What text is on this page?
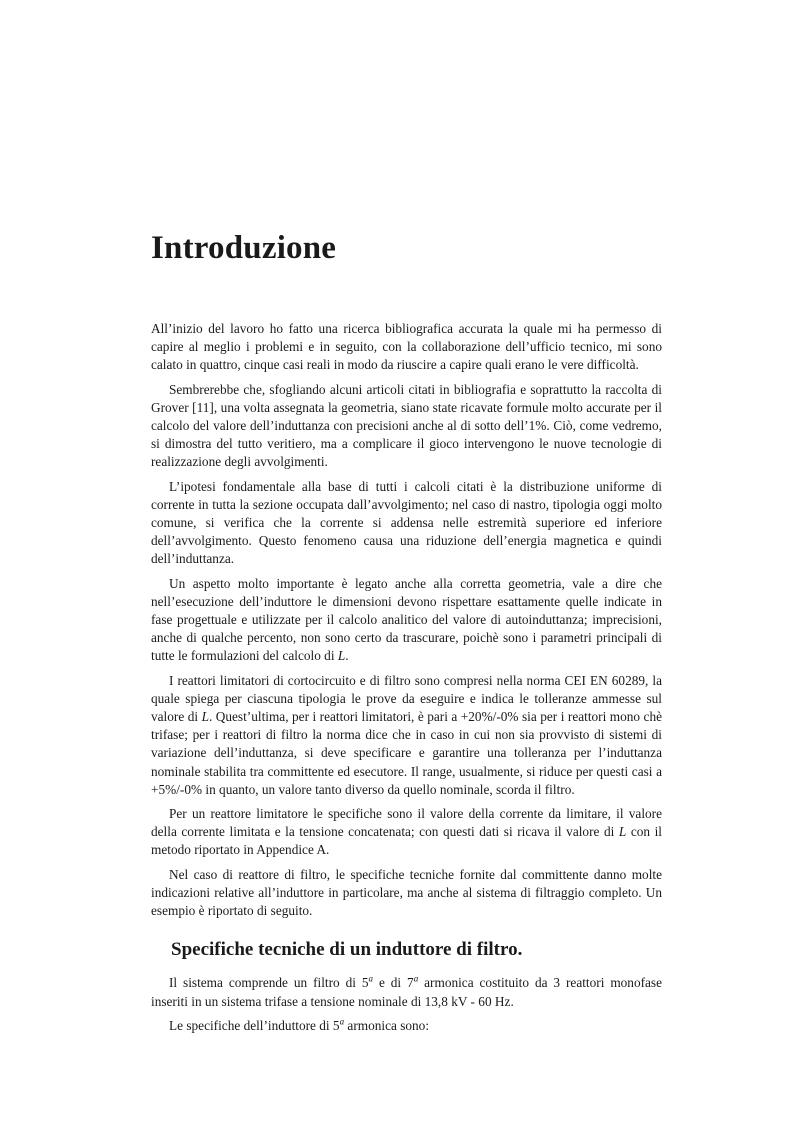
Introduzione

All’inizio del lavoro ho fatto una ricerca bibliografica accurata la quale mi ha permesso di capire al meglio i problemi e in seguito, con la collaborazione dell’ufficio tecnico, mi sono calato in quattro, cinque casi reali in modo da riuscire a capire quali erano le vere difficoltà.

Sembrerebbe che, sfogliando alcuni articoli citati in bibliografia e soprattutto la raccolta di Grover [11], una volta assegnata la geometria, siano state ricavate formule molto accurate per il calcolo del valore dell’induttanza con precisioni anche al di sotto dell’1%. Ciò, come vedremo, si dimostra del tutto veritiero, ma a complicare il gioco intervengono le nuove tecnologie di realizzazione degli avvolgimenti.

L’ipotesi fondamentale alla base di tutti i calcoli citati è la distribuzione uniforme di corrente in tutta la sezione occupata dall’avvolgimento; nel caso di nastro, tipologia oggi molto comune, si verifica che la corrente si addensa nelle estremità superiore ed inferiore dell’avvolgimento. Questo fenomeno causa una riduzione dell’energia magnetica e quindi dell’induttanza.

Un aspetto molto importante è legato anche alla corretta geometria, vale a dire che nell’esecuzione dell’induttore le dimensioni devono rispettare esattamente quelle indicate in fase progettuale e utilizzate per il calcolo analitico del valore di autoinduttanza; imprecisioni, anche di qualche percento, non sono certo da trascurare, poichè sono i parametri principali di tutte le formulazioni del calcolo di L.

I reattori limitatori di cortocircuito e di filtro sono compresi nella norma CEI EN 60289, la quale spiega per ciascuna tipologia le prove da eseguire e indica le tolleranze ammesse sul valore di L. Quest’ultima, per i reattori limitatori, è pari a +20%/-0% sia per i reattori mono chè trifase; per i reattori di filtro la norma dice che in caso in cui non sia provvisto di sistemi di variazione dell’induttanza, si deve specificare e garantire una tolleranza per l’induttanza nominale stabilita tra committente ed esecutore. Il range, usualmente, si riduce per questi casi a +5%/-0% in quanto, un valore tanto diverso da quello nominale, scorda il filtro.

Per un reattore limitatore le specifiche sono il valore della corrente da limitare, il valore della corrente limitata e la tensione concatenata; con questi dati si ricava il valore di L con il metodo riportato in Appendice A.

Nel caso di reattore di filtro, le specifiche tecniche fornite dal committente danno molte indicazioni relative all’induttore in particolare, ma anche al sistema di filtraggio completo. Un esempio è riportato di seguito.

Specifiche tecniche di un induttore di filtro.

Il sistema comprende un filtro di 5$^a$ e di 7$^a$ armonica costituito da 3 reattori monofase inseriti in un sistema trifase a tensione nominale di 13,8 kV - 60 Hz.

Le specifiche dell’induttore di 5$^a$ armonica sono:
